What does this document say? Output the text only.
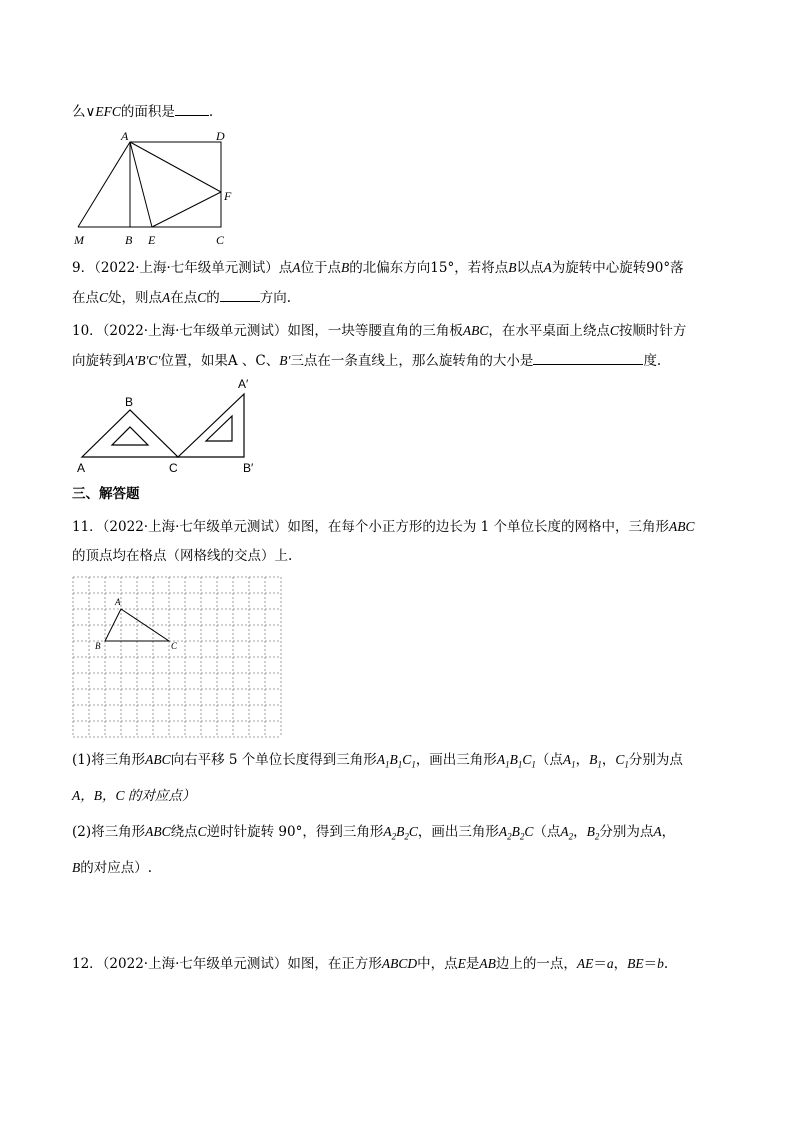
么∨EFC的面积是	.
A	D
F
M	B E	C
9．（2022·上海·七年级单元测试）点A位于点B的北偏东方向15°，若将点B以点A为旋转中心旋转90°落
在点C处，则点A在点C的	方向.
10．（2022·上海·七年级单元测试）如图，一块等腰直角的三角板ABC，在水平桌面上绕点C按顺时针方
向旋转到A′B′C′位置，如果A 、C、B′三点在一条直线上，那么旋转角的大小是	度.
B
A	C
A′
B′
三、解答题
11．（2022·上海·七年级单元测试）如图，在每个小正方形的边长为 1 个单位长度的网格中，三角形ABC
的顶点均在格点（网格线的交点）上.
A
B	C
(1)将三角形ABC向右平移 5 个单位长度得到三角形$A_1B_1C_1$，画出三角形$A_1B_1C_1$（点$A_1$，$B_1$，$C_1$分别为点
A，B，C 的对应点）
(2)将三角形ABC绕点C逆时针旋转 90°，得到三角形$A_2B_2C$，画出三角形$A_2B_2C$（点$A_2$，$B_2$分别为点A，
B的对应点）.
12．（2022·上海·七年级单元测试）如图，在正方形ABCD中，点E是AB边上的一点，AE＝a，BE＝b.
